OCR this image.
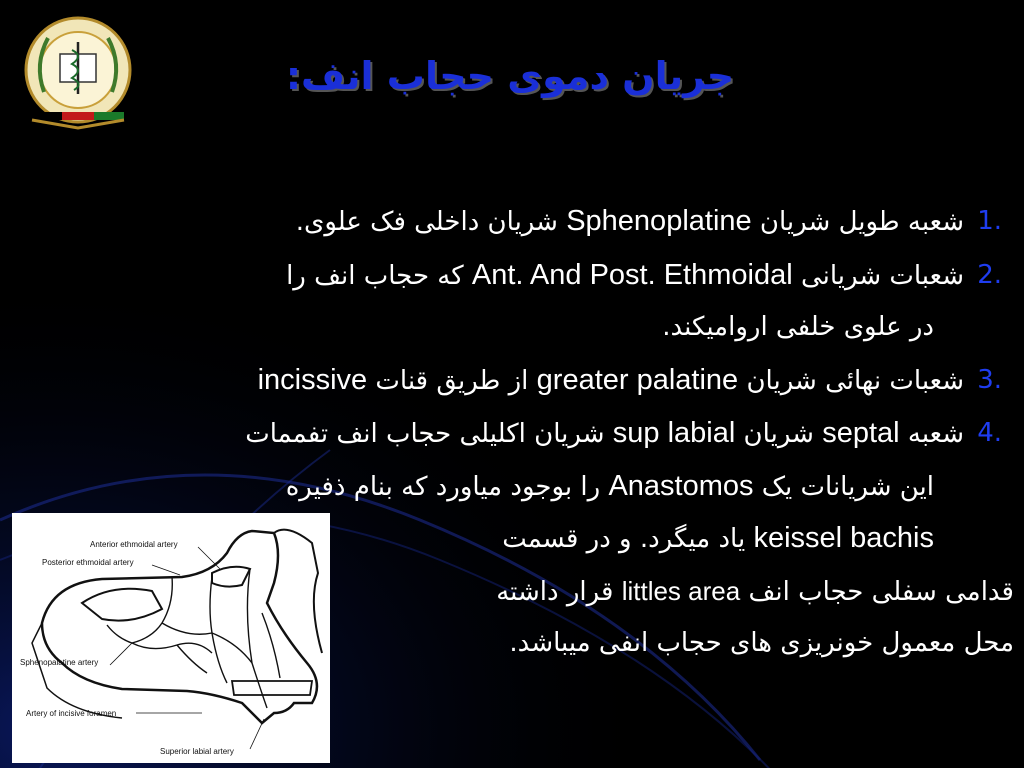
جریان دموی حجاب انف:
1.
شعبه طویل شریان Sphenoplatine شریان داخلی فک علوی.
2.
شعبات شریانی Ant. And Post. Ethmoidal که حجاب انف را
در علوی خلفی اروامیکند.
3.
شعبات نهائی شریان greater palatine از طریق قنات incissive
4.
شعبه septal شریان sup labial شریان اکلیلی حجاب انف تفممات
این شریانات یک Anastomos را بوجود میاورد که بنام ذفیره
keissel bachis یاد میگرد. و در قسمت
قدامی سفلی حجاب انف littles area قرار داشته
محل معمول خونریزی های حجاب انفی میباشد.
Anterior ethmoidal artery
Posterior ethmoidal artery
Sphenopalatine artery
Artery of incisive foramen
Superior labial artery
